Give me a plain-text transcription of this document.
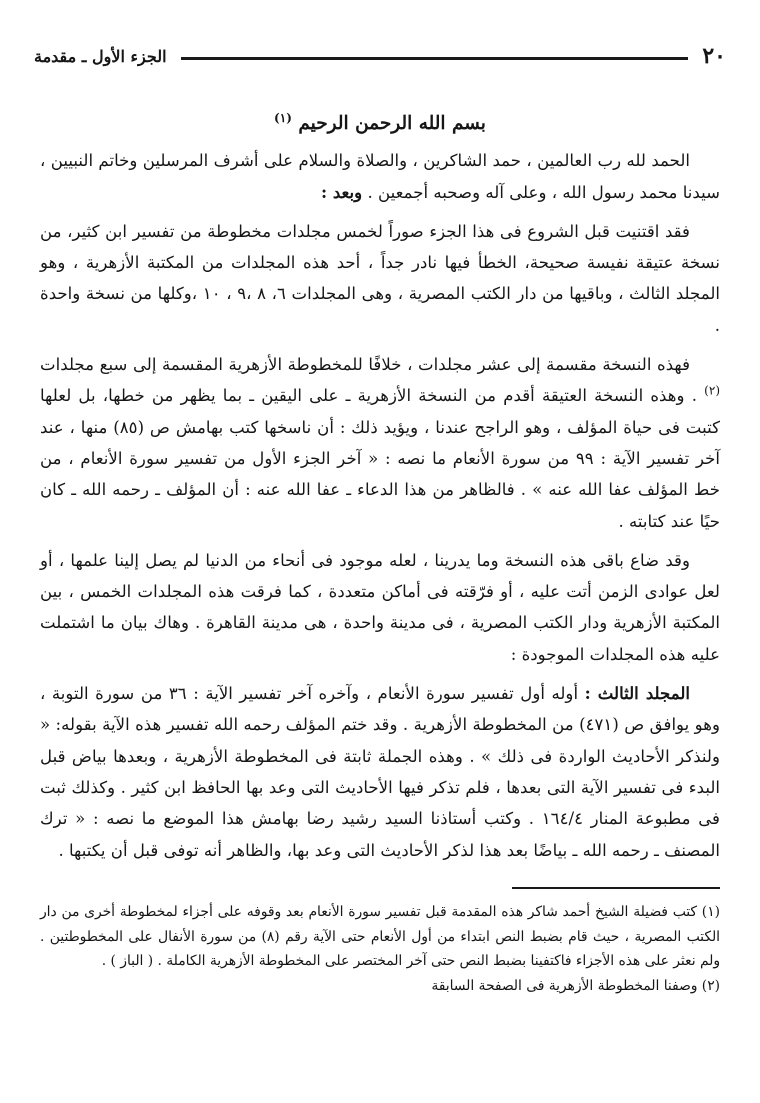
٢٠
الجزء الأول ـ مقدمة

بسم الله الرحمن الرحيم $^{(١)}$

الحمد لله رب العالمين ، حمد الشاكرين ، والصلاة والسلام على أشرف المرسلين وخاتم النبيين ، سيدنا محمد رسول الله ، وعلى آله وصحبه أجمعين . وبعد :

فقد اقتنيت قبل الشروع فى هذا الجزء صوراً لخمس مجلدات مخطوطة من تفسير ابن كثير، من نسخة عتيقة نفيسة صحيحة، الخطأ فيها نادر جداً ، أحد هذه المجلدات من المكتبة الأزهرية ، وهو المجلد الثالث ، وباقيها من دار الكتب المصرية ، وهى المجلدات ٦، ٨ ،٩ ، ١٠ ،وكلها من نسخة واحدة .

فهذه النسخة مقسمة إلى عشر مجلدات ، خلافًا للمخطوطة الأزهرية المقسمة إلى سبع مجلدات $^{(٢)}$ . وهذه النسخة العتيقة أقدم من النسخة الأزهرية ـ على اليقين ـ بما يظهر من خطها، بل لعلها كتبت فى حياة المؤلف ، وهو الراجح عندنا ، ويؤيد ذلك : أن ناسخها كتب بهامش ص (٨٥) منها ، عند آخر تفسير الآية : ٩٩ من سورة الأنعام ما نصه : « آخر الجزء الأول من تفسير سورة الأنعام ، من خط المؤلف عفا الله عنه » . فالظاهر من هذا الدعاء ـ عفا الله عنه : أن المؤلف ـ رحمه الله ـ كان حيًا عند كتابته .

وقد ضاع باقى هذه النسخة وما يدرينا ، لعله موجود فى أنحاء من الدنيا لم يصل إلينا علمها ، أو لعل عوادى الزمن أتت عليه ، أو فرّقته فى أماكن متعددة ، كما فرقت هذه المجلدات الخمس ، بين المكتبة الأزهرية ودار الكتب المصرية ، فى مدينة واحدة ، هى مدينة القاهرة . وهاك بيان ما اشتملت عليه هذه المجلدات الموجودة :

المجلد الثالث : أوله أول تفسير سورة الأنعام ، وآخره آخر تفسير الآية : ٣٦ من سورة التوبة ، وهو يوافق ص (٤٧١) من المخطوطة الأزهرية . وقد ختم المؤلف رحمه الله تفسير هذه الآية بقوله: « ولنذكر الأحاديث الواردة فى ذلك » . وهذه الجملة ثابتة فى المخطوطة الأزهرية ، وبعدها بياض قبل البدء فى تفسير الآية التى بعدها ، فلم تذكر فيها الأحاديث التى وعد بها الحافظ ابن كثير . وكذلك ثبت فى مطبوعة المنار ١٦٤/٤ . وكتب أستاذنا السيد رشيد رضا بهامش هذا الموضع ما نصه : « ترك المصنف ـ رحمه الله ـ بياضًا بعد هذا لذكر الأحاديث التى وعد بها، والظاهر أنه توفى قبل أن يكتبها .

(١) كتب فضيلة الشيخ أحمد شاكر هذه المقدمة قبل تفسير سورة الأنعام بعد وقوفه على أجزاء لمخطوطة أخرى من دار الكتب المصرية ، حيث قام بضبط النص ابتداء من أول الأنعام حتى الآية رقم (٨) من سورة الأنفال على المخطوطتين . ولم نعثر على هذه الأجزاء فاكتفينا بضبط النص حتى آخر المختصر على المخطوطة الأزهرية الكاملة . ( الباز ) .

(٢) وصفنا المخطوطة الأزهرية فى الصفحة السابقة
